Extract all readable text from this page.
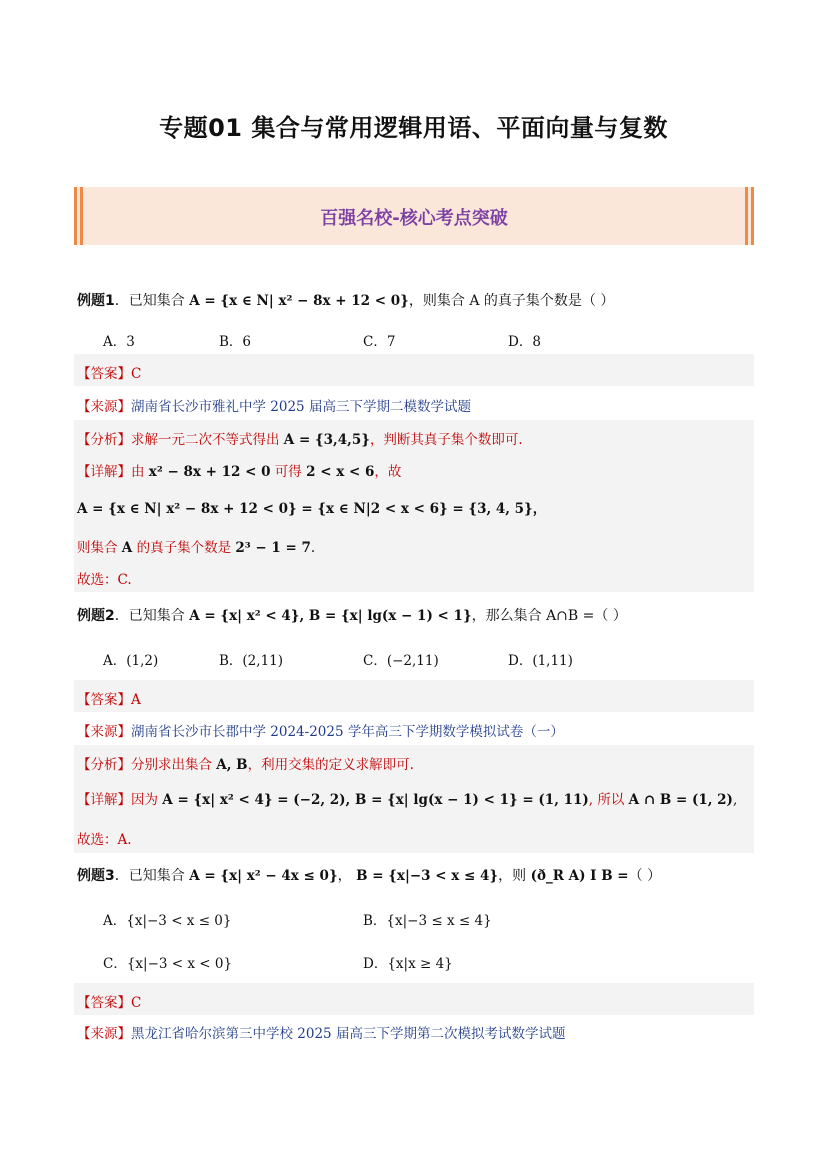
专题01 集合与常用逻辑用语、平面向量与复数
百强名校-核心考点突破
例题1．已知集合 A = {x ∈ N| x² − 8x + 12 < 0}，则集合 A 的真子集个数是（ ）
A．3	B．6	C．7	D．8
【答案】C
【来源】湖南省长沙市雅礼中学 2025 届高三下学期二模数学试题
【分析】求解一元二次不等式得出 A = {3,4,5}，判断其真子集个数即可.
【详解】由 x² − 8x + 12 < 0 可得 2 < x < 6，故
A = {x ∈ N| x² − 8x + 12 < 0} = {x ∈ N|2 < x < 6} = {3, 4, 5}，
则集合 A 的真子集个数是 2³ − 1 = 7.
故选：C.
例题2．已知集合 A = {x| x² < 4}, B = {x| lg(x − 1) < 1}，那么集合 A∩B =（ ）
A．(1,2)	B．(2,11)	C．(−2,11)	D．(1,11)
【答案】A
【来源】湖南省长沙市长郡中学 2024-2025 学年高三下学期数学模拟试卷（一）
【分析】分别求出集合 A, B，利用交集的定义求解即可.
【详解】因为 A = {x| x² < 4} = (−2, 2), B = {x| lg(x − 1) < 1} = (1, 11), 所以 A ∩ B = (1, 2),
故选：A.
例题3．已知集合 A = {x| x² − 4x ≤ 0}， B = {x|−3 < x ≤ 4}，则 (ð_R A) I B =（ ）
A．{x|−3 < x ≤ 0}	B．{x|−3 ≤ x ≤ 4}
C．{x|−3 < x < 0}	D．{x|x ≥ 4}
【答案】C
【来源】黑龙江省哈尔滨第三中学校 2025 届高三下学期第二次模拟考试数学试题
